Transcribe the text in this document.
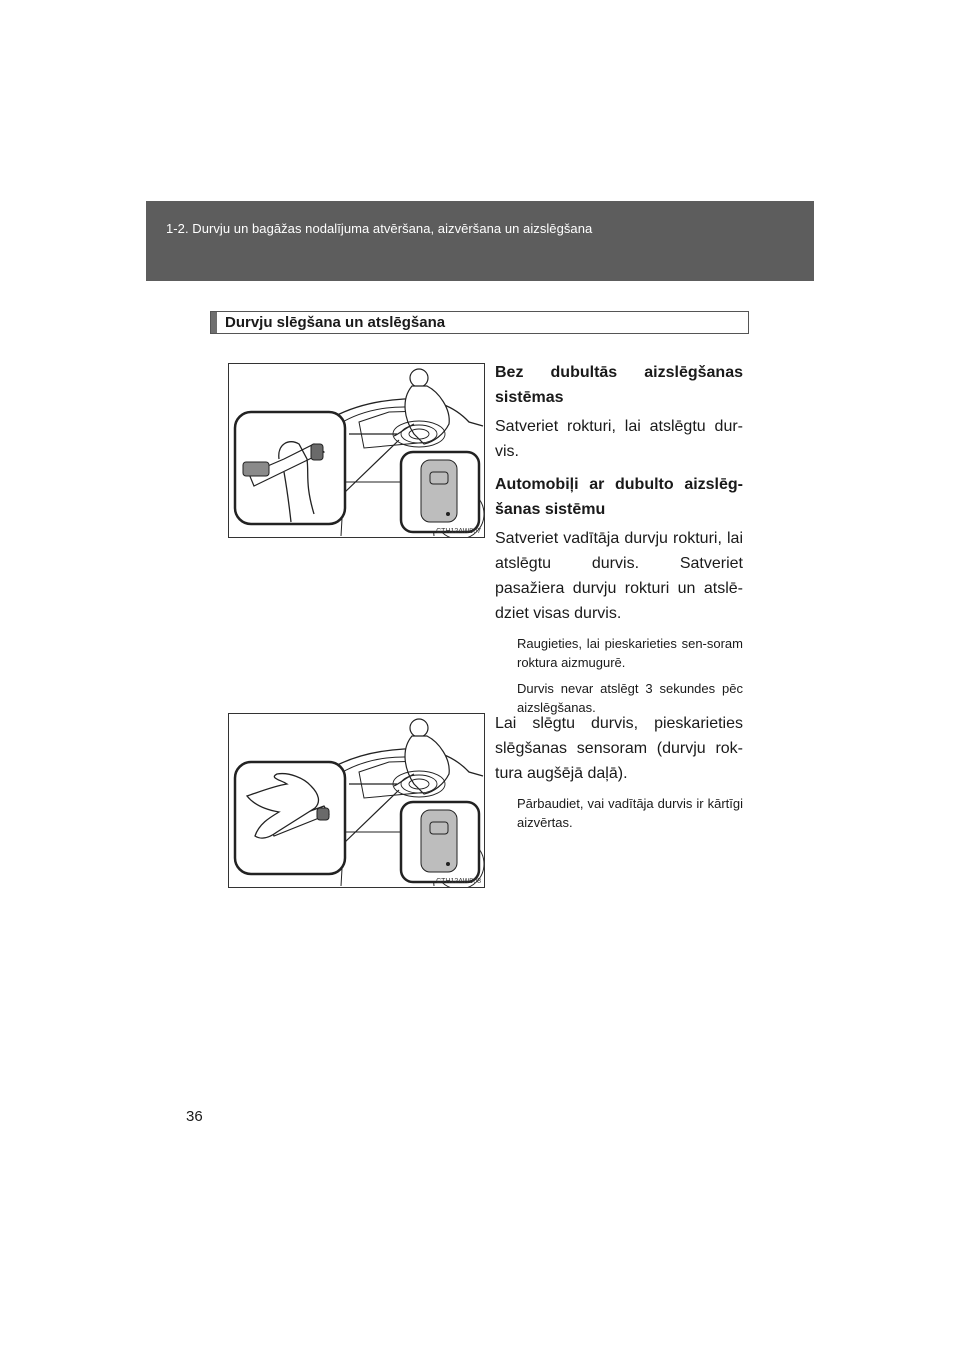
1-2. Durvju un bagāžas nodalījuma atvēršana, aizvēršana un aizslēgšana
Durvju slēgšana un atslēgšana
CTH12AW007
CTH12AW008
Bez dubultās aizslēgšanas sistēmas
Satveriet rokturi, lai atslēgtu dur-vis.
Automobiļi ar dubulto aizslēg-šanas sistēmu
Satveriet vadītāja durvju rokturi, lai atslēgtu durvis. Satveriet pasažiera durvju rokturi un atslē-dziet visas durvis.
Raugieties, lai pieskarieties sen-soram roktura aizmugurē.
Durvis nevar atslēgt 3 sekundes pēc aizslēgšanas.
Lai slēgtu durvis, pieskarieties slēgšanas sensoram (durvju rok-tura augšējā daļā).
Pārbaudiet, vai vadītāja durvis ir kārtīgi aizvērtas.
36
